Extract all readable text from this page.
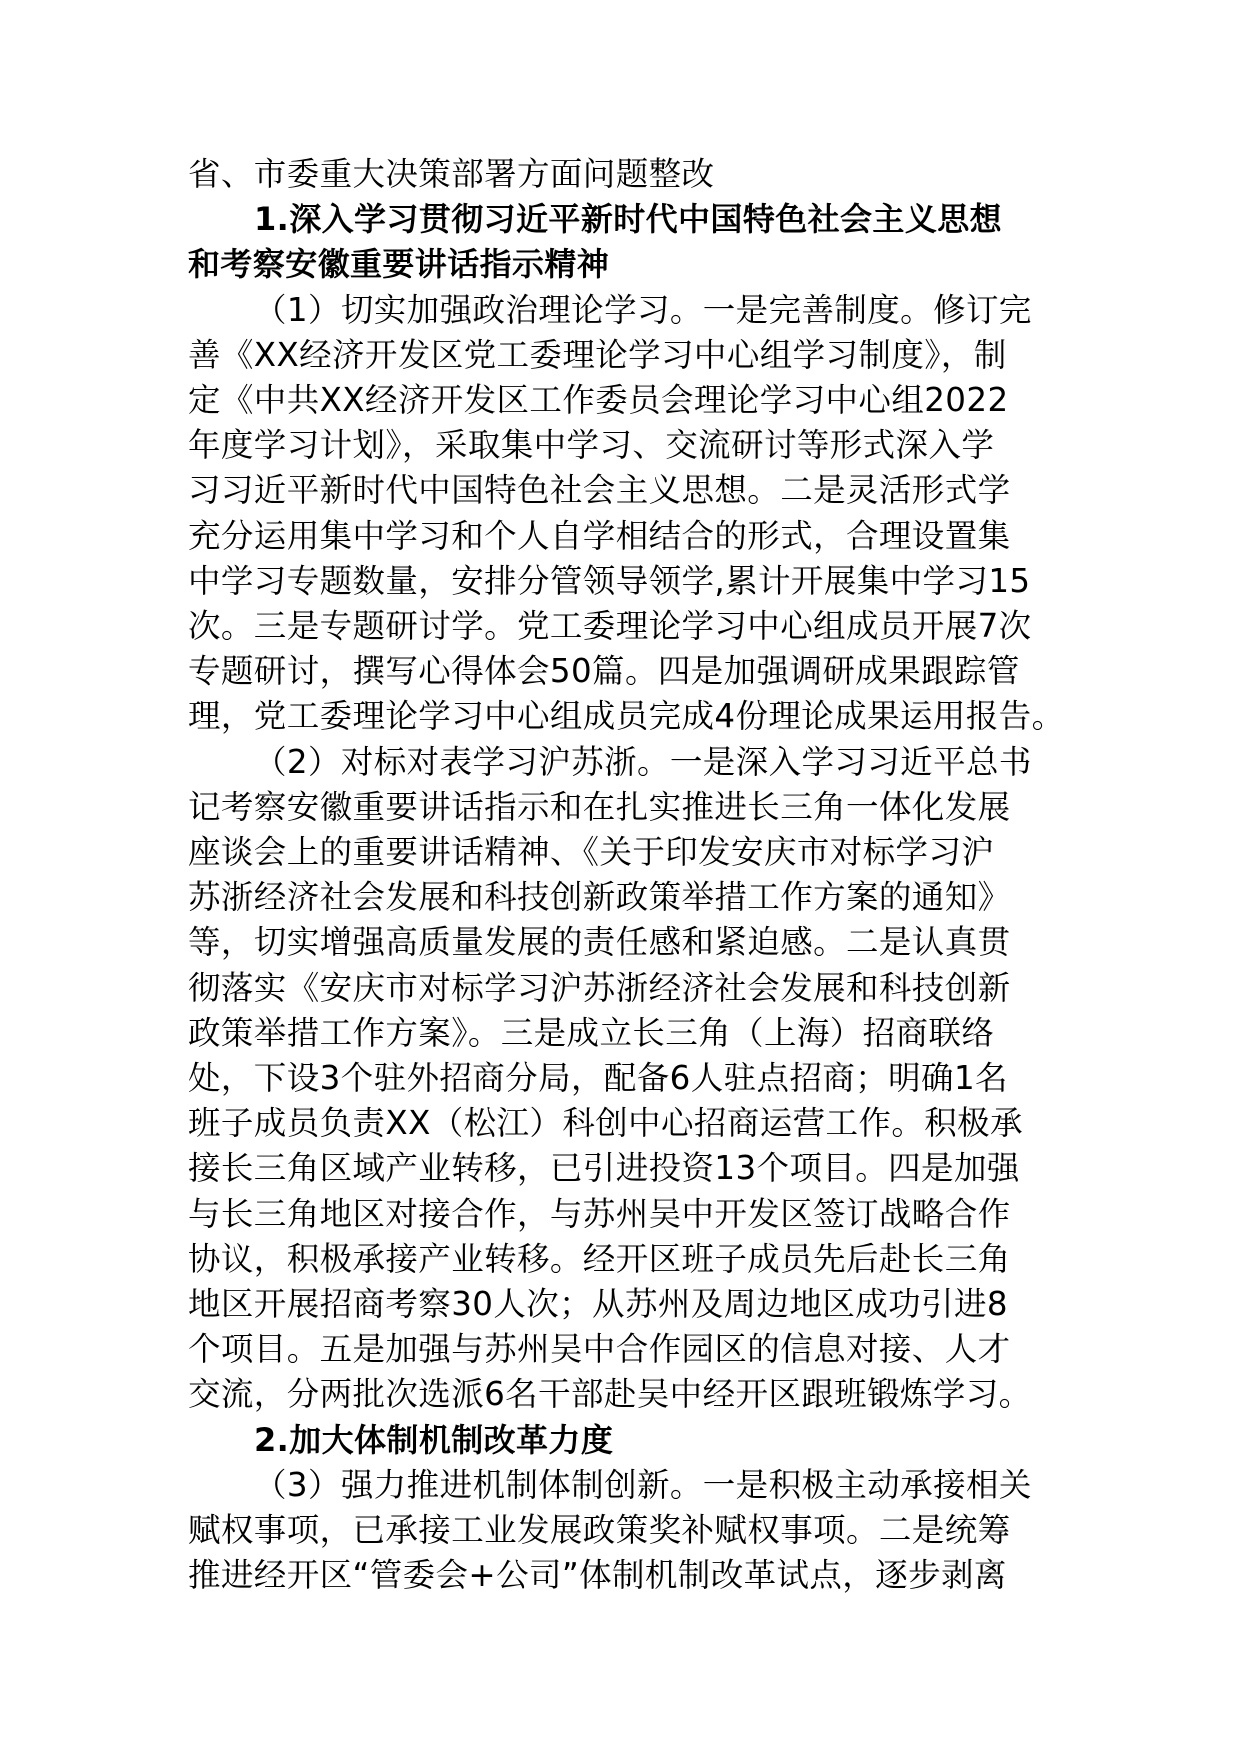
省、市委重大决策部署方面问题整改
1.深入学习贯彻习近平新时代中国特色社会主义思想
和考察安徽重要讲话指示精神
（1）切实加强政治理论学习。一是完善制度。修订完
善《XX经济开发区党工委理论学习中心组学习制度》，制
定《中共XX经济开发区工作委员会理论学习中心组2022
年度学习计划》，采取集中学习、交流研讨等形式深入学
习习近平新时代中国特色社会主义思想。二是灵活形式学
充分运用集中学习和个人自学相结合的形式，合理设置集
中学习专题数量，安排分管领导领学,累计开展集中学习15
次。三是专题研讨学。党工委理论学习中心组成员开展7次
专题研讨，撰写心得体会50篇。四是加强调研成果跟踪管
理，党工委理论学习中心组成员完成4份理论成果运用报告。
（2）对标对表学习沪苏浙。一是深入学习习近平总书
记考察安徽重要讲话指示和在扎实推进长三角一体化发展
座谈会上的重要讲话精神、《关于印发安庆市对标学习沪
苏浙经济社会发展和科技创新政策举措工作方案的通知》
等，切实增强高质量发展的责任感和紧迫感。二是认真贯
彻落实《安庆市对标学习沪苏浙经济社会发展和科技创新
政策举措工作方案》。三是成立长三角（上海）招商联络
处，下设3个驻外招商分局，配备6人驻点招商；明确1名
班子成员负责XX（松江）科创中心招商运营工作。积极承
接长三角区域产业转移，已引进投资13个项目。四是加强
与长三角地区对接合作，与苏州吴中开发区签订战略合作
协议，积极承接产业转移。经开区班子成员先后赴长三角
地区开展招商考察30人次；从苏州及周边地区成功引进8
个项目。五是加强与苏州吴中合作园区的信息对接、人才
交流，分两批次选派6名干部赴吴中经开区跟班锻炼学习。
2.加大体制机制改革力度
（3）强力推进机制体制创新。一是积极主动承接相关
赋权事项，已承接工业发展政策奖补赋权事项。二是统筹
推进经开区“管委会+公司”体制机制改革试点，逐步剥离
